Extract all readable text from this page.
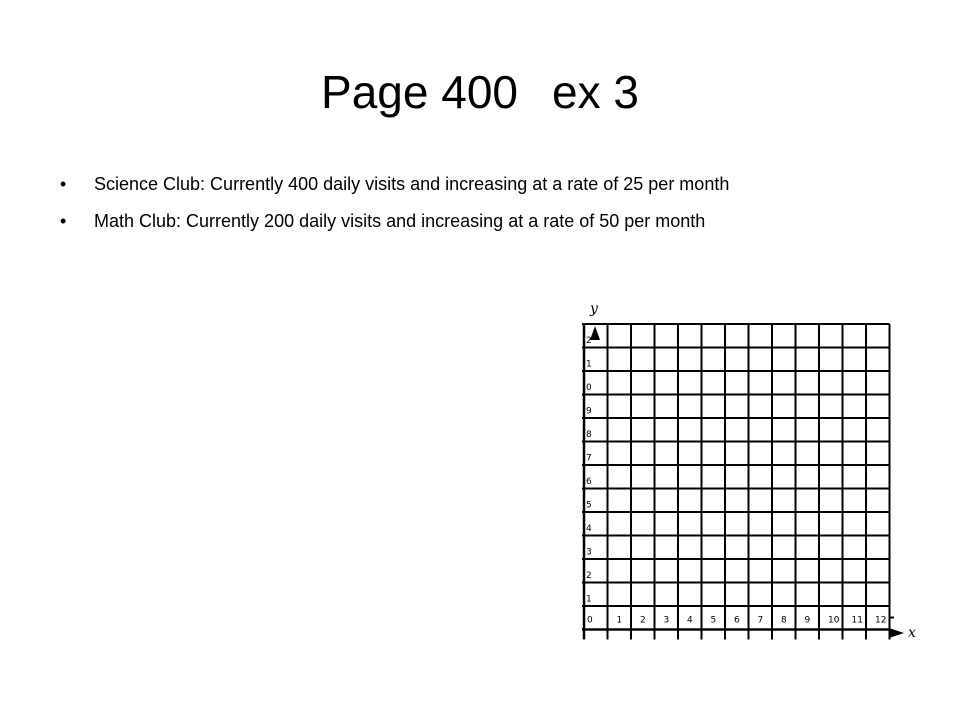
Page 400 ex 3
• Science Club: Currently 400 daily visits and increasing at a rate of 25 per month
• Math Club: Currently 200 daily visits and increasing at a rate of 50 per month
y
x
0	1 2 3 4 5 6 7 8 9 10 11 12
1
2
3
4
5
6
7
8
9
0
1
2
